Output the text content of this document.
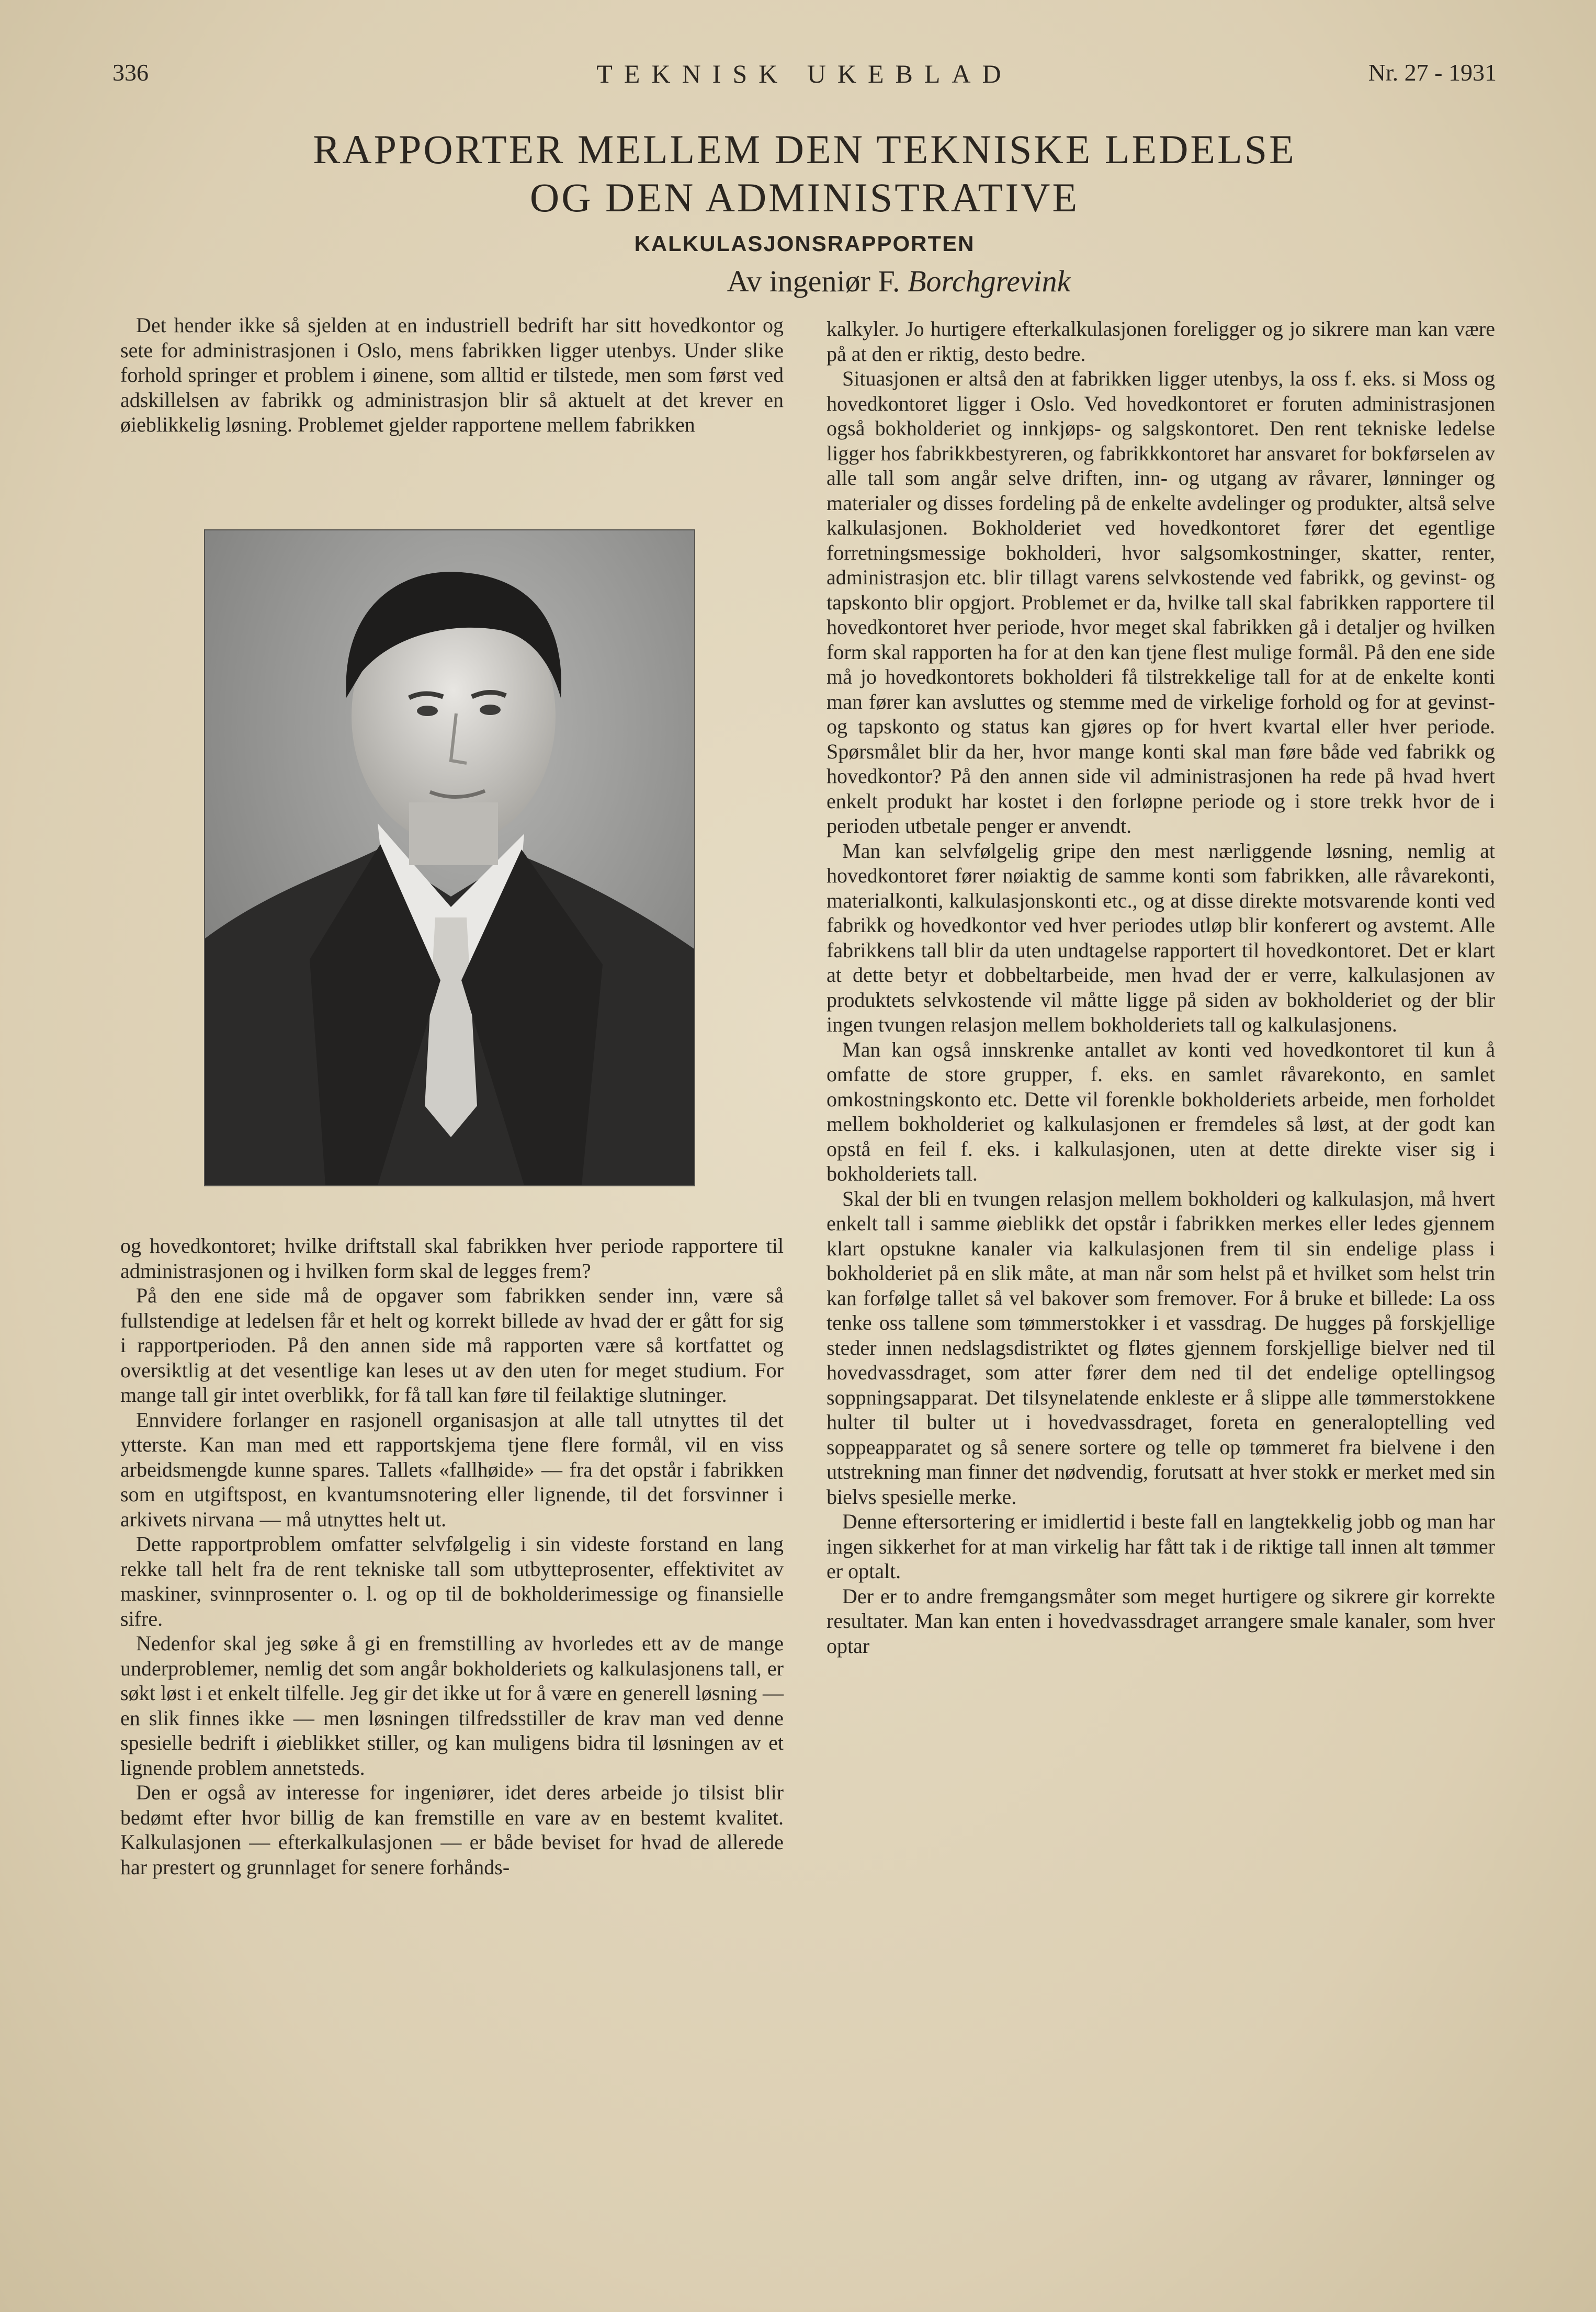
336	TEKNISK UKEBLAD	Nr. 27 - 1931
RAPPORTER MELLEM DEN TEKNISKE LEDELSE
OG DEN ADMINISTRATIVE
KALKULASJONSRAPPORTEN
Av ingeniør F. Borchgrevink

Det hender ikke så sjelden at en industriell bedrift har sitt hovedkontor og sete for administrasjonen i Oslo, mens fabrikken ligger utenbys. Under slike forhold springer et problem i øinene, som alltid er tilstede, men som først ved adskillelsen av fabrikk og administrasjon blir så aktuelt at det krever en øieblikkelig løsning. Problemet gjelder rapportene mellem fabrikken

og hovedkontoret; hvilke driftstall skal fabrikken hver periode rapportere til administrasjonen og i hvilken form skal de legges frem?

På den ene side må de opgaver som fabrikken sender inn, være så fullstendige at ledelsen får et helt og korrekt billede av hvad der er gått for sig i rapportperioden. På den annen side må rapporten være så kortfattet og oversiktlig at det vesentlige kan leses ut av den uten for meget studium. For mange tall gir intet overblikk, for få tall kan føre til feilaktige slutninger.

Ennvidere forlanger en rasjonell organisasjon at alle tall utnyttes til det ytterste. Kan man med ett rapportskjema tjene flere formål, vil en viss arbeidsmengde kunne spares. Tallets «fallhøide» — fra det opstår i fabrikken som en utgiftspost, en kvantumsnotering eller lignende, til det forsvinner i arkivets nirvana — må utnyttes helt ut.

Dette rapportproblem omfatter selvfølgelig i sin videste forstand en lang rekke tall helt fra de rent tekniske tall som utbytteprosenter, effektivitet av maskiner, svinnprosenter o. l. og op til de bokholderimessige og finansielle sifre.

Nedenfor skal jeg søke å gi en fremstilling av hvorledes ett av de mange underproblemer, nemlig det som angår bokholderiets og kalkulasjonens tall, er søkt løst i et enkelt tilfelle. Jeg gir det ikke ut for å være en generell løsning — en slik finnes ikke — men løsningen tilfredsstiller de krav man ved denne spesielle bedrift i øieblikket stiller, og kan muligens bidra til løsningen av et lignende problem annetsteds.

Den er også av interesse for ingeniører, idet deres arbeide jo tilsist blir bedømt efter hvor billig de kan fremstille en vare av en bestemt kvalitet. Kalkulasjonen — efterkalkulasjonen — er både beviset for hvad de allerede har prestert og grunnlaget for senere forhånds-

kalkyler. Jo hurtigere efterkalkulasjonen foreligger og jo sikrere man kan være på at den er riktig, desto bedre.

Situasjonen er altså den at fabrikken ligger utenbys, la oss f. eks. si Moss og hovedkontoret ligger i Oslo. Ved hovedkontoret er foruten administrasjonen også bokholderiet og innkjøps- og salgskontoret. Den rent tekniske ledelse ligger hos fabrikkbestyreren, og fabrikkkontoret har ansvaret for bokførselen av alle tall som angår selve driften, inn- og utgang av råvarer, lønninger og materialer og disses fordeling på de enkelte avdelinger og produkter, altså selve kalkulasjonen. Bokholderiet ved hovedkontoret fører det egentlige forretningsmessige bokholderi, hvor salgsomkostninger, skatter, renter, administrasjon etc. blir tillagt varens selvkostende ved fabrikk, og gevinst- og tapskonto blir opgjort. Problemet er da, hvilke tall skal fabrikken rapportere til hovedkontoret hver periode, hvor meget skal fabrikken gå i detaljer og hvilken form skal rapporten ha for at den kan tjene flest mulige formål. På den ene side må jo hovedkontorets bokholderi få tilstrekkelige tall for at de enkelte konti man fører kan avsluttes og stemme med de virkelige forhold og for at gevinst- og tapskonto og status kan gjøres op for hvert kvartal eller hver periode. Spørsmålet blir da her, hvor mange konti skal man føre både ved fabrikk og hovedkontor? På den annen side vil administrasjonen ha rede på hvad hvert enkelt produkt har kostet i den forløpne periode og i store trekk hvor de i perioden utbetale penger er anvendt.

Man kan selvfølgelig gripe den mest nærliggende løsning, nemlig at hovedkontoret fører nøiaktig de samme konti som fabrikken, alle råvarekonti, materialkonti, kalkulasjonskonti etc., og at disse direkte motsvarende konti ved fabrikk og hovedkontor ved hver periodes utløp blir konferert og avstemt. Alle fabrikkens tall blir da uten undtagelse rapportert til hovedkontoret. Det er klart at dette betyr et dobbeltarbeide, men hvad der er verre, kalkulasjonen av produktets selvkostende vil måtte ligge på siden av bokholderiet og der blir ingen tvungen relasjon mellem bokholderiets tall og kalkulasjonens.

Man kan også innskrenke antallet av konti ved hovedkontoret til kun å omfatte de store grupper, f. eks. en samlet råvarekonto, en samlet omkostningskonto etc. Dette vil forenkle bokholderiets arbeide, men forholdet mellem bokholderiet og kalkulasjonen er fremdeles så løst, at der godt kan opstå en feil f. eks. i kalkulasjonen, uten at dette direkte viser sig i bokholderiets tall.

Skal der bli en tvungen relasjon mellem bokholderi og kalkulasjon, må hvert enkelt tall i samme øieblikk det opstår i fabrikken merkes eller ledes gjennem klart opstukne kanaler via kalkulasjonen frem til sin endelige plass i bokholderiet på en slik måte, at man når som helst på et hvilket som helst trin kan forfølge tallet så vel bakover som fremover. For å bruke et billede: La oss tenke oss tallene som tømmerstokker i et vassdrag. De hugges på forskjellige steder innen nedslagsdistriktet og fløtes gjennem forskjellige bielver ned til hovedvassdraget, som atter fører dem ned til det endelige optellingsog soppningsapparat. Det tilsynelatende enkleste er å slippe alle tømmerstokkene hulter til bulter ut i hovedvassdraget, foreta en generaloptelling ved soppeapparatet og så senere sortere og telle op tømmeret fra bielvene i den utstrekning man finner det nødvendig, forutsatt at hver stokk er merket med sin bielvs spesielle merke.

Denne eftersortering er imidlertid i beste fall en langtekkelig jobb og man har ingen sikkerhet for at man virkelig har fått tak i de riktige tall innen alt tømmer er optalt.

Der er to andre fremgangsmåter som meget hurtigere og sikrere gir korrekte resultater. Man kan enten i hovedvassdraget arrangere smale kanaler, som hver optar
